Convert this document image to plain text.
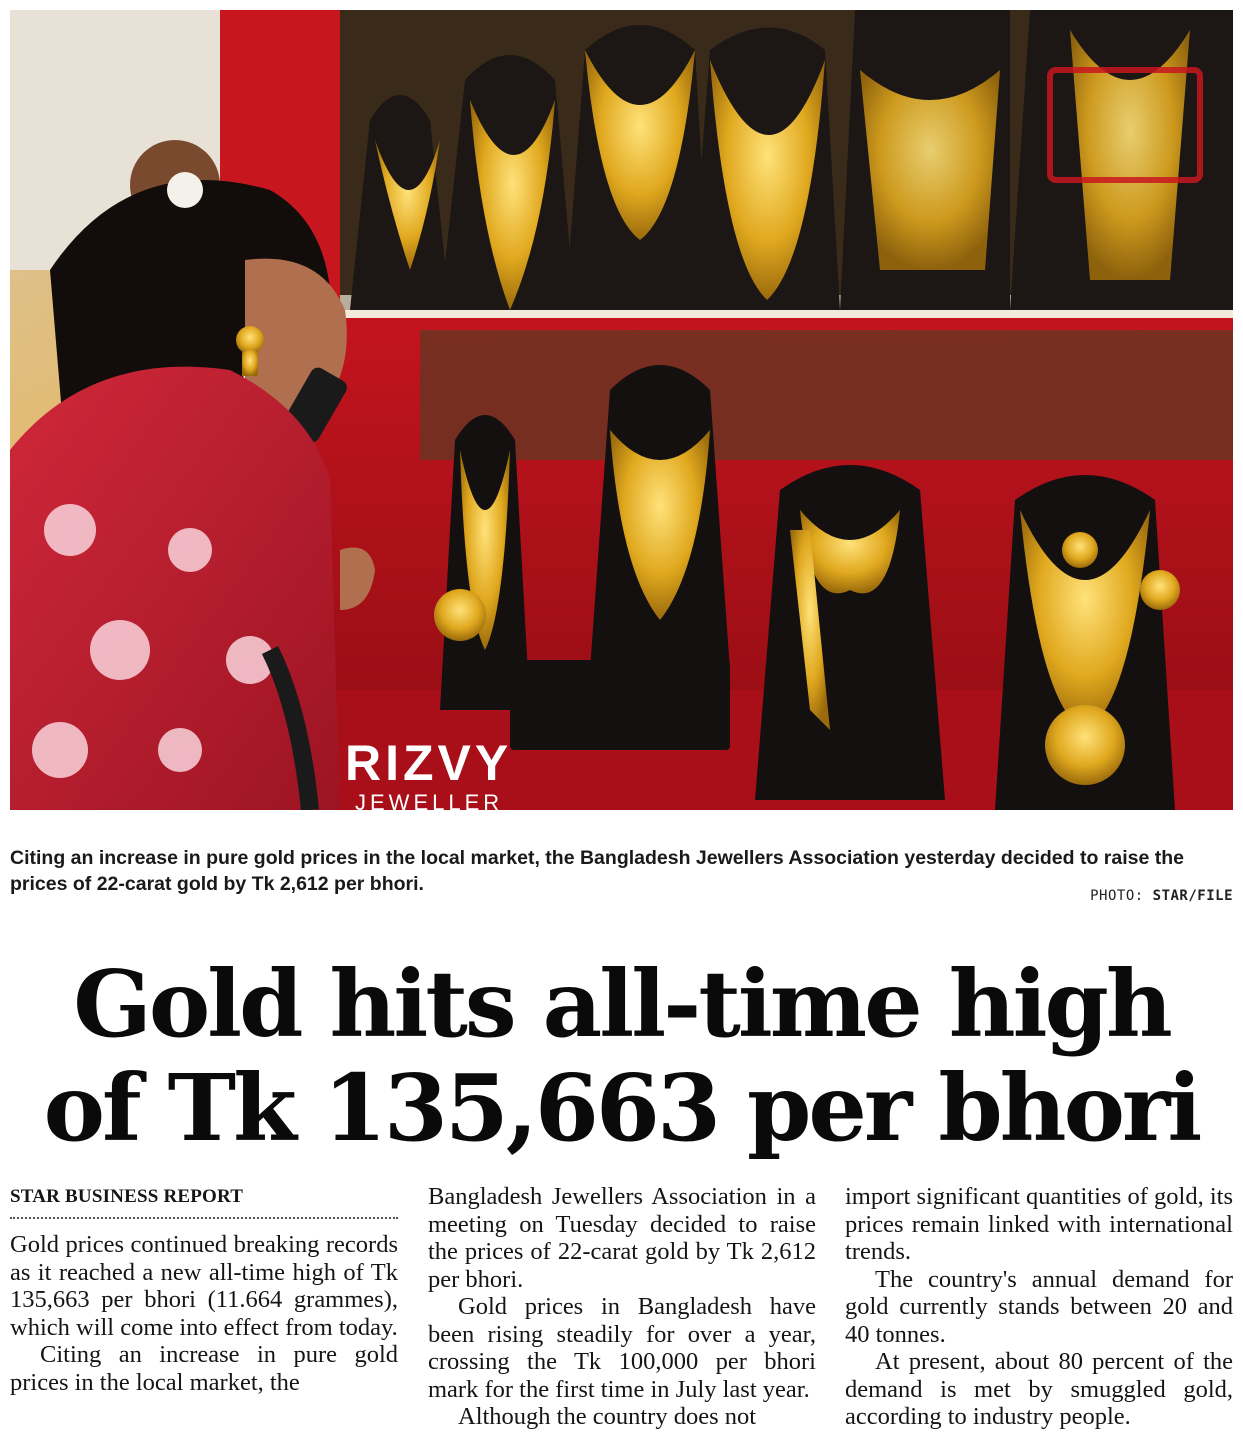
RIZVY
JEWELLER
Citing an increase in pure gold prices in the local market, the Bangladesh Jewellers Association yesterday decided to raise the prices of 22-carat gold by Tk 2,612 per bhori.
PHOTO: STAR/FILE
Gold hits all-time high
of Tk 135,663 per bhori
STAR BUSINESS REPORT

Gold prices continued breaking records as it reached a new all-time high of Tk 135,663 per bhori (11.664 grammes), which will come into effect from today.

Citing an increase in pure gold prices in the local market, the

Bangladesh Jewellers Association in a meeting on Tuesday decided to raise the prices of 22-carat gold by Tk 2,612 per bhori.

Gold prices in Bangladesh have been rising steadily for over a year, crossing the Tk 100,000 per bhori mark for the first time in July last year.

Although the country does not

import significant quantities of gold, its prices remain linked with international trends.

The country's annual demand for gold currently stands between 20 and 40 tonnes.

At present, about 80 percent of the demand is met by smuggled gold, according to industry people.
